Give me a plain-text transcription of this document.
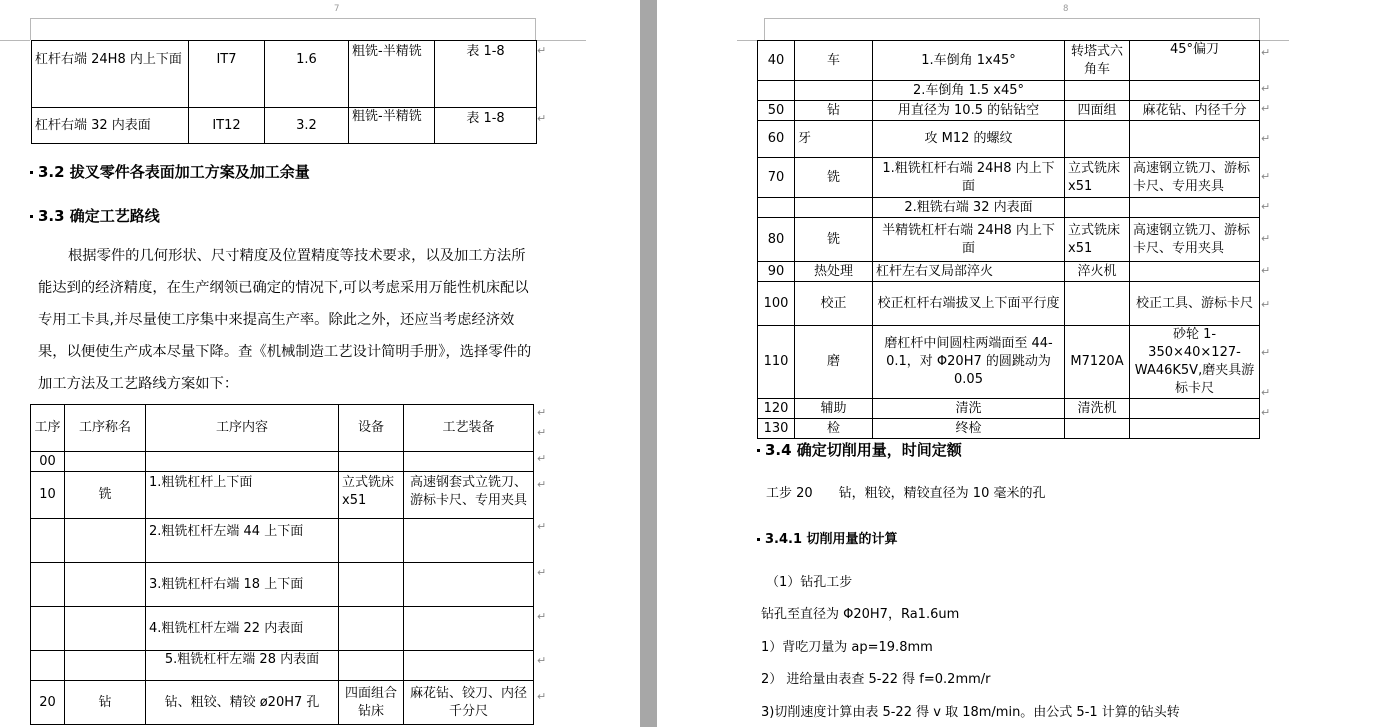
7
杠杆右端 24H8 内上下面	IT7	1.6	粗铣-半精铣	表 1-8
杠杆右端 32 内表面	IT12	3.2	粗铣-半精铣	表 1-8
3.2 拔叉零件各表面加工方案及加工余量
3.3 确定工艺路线
根据零件的几何形状、尺寸精度及位置精度等技术要求，以及加工方法所能达到的经济精度，在生产纲领已确定的情况下,可以考虑采用万能性机床配以专用工卡具,并尽量使工序集中来提高生产率。除此之外，还应当考虑经济效果，以便使生产成本尽量下降。查《机械制造工艺设计简明手册》，选择零件的加工方法及工艺路线方案如下：
工序	工序称名	工序内容	设备	工艺装备
00				
10	铣	1.粗铣杠杆上下面	立式铣床 x51	高速钢套式立铣刀、游标卡尺、专用夹具
		2.粗铣杠杆左端 44 上下面		
		3.粗铣杠杆右端 18 上下面		
		4.粗铣杠杆左端 22 内表面		
		5.粗铣杠杆左端 28 内表面		
20	钻	钻、粗铰、精铰 ø20H7 孔	四面组合钻床	麻花钻、铰刀、内径千分尺
↵
↵
↵
↵
↵
↵
↵
↵
↵
↵
↵
8
40	车	1.车倒角 1x45°	转塔式六角车	45°偏刀
		2.车倒角 1.5 x45°		
50	钻	用直径为 10.5 的钻钻空	四面组	麻花钻、内径千分
60	牙	攻 M12 的螺纹		
70	铣	1.粗铣杠杆右端 24H8 内上下面	立式铣床 x51	高速钢立铣刀、游标卡尺、专用夹具
		2.粗铣右端 32 内表面		
80	铣	半精铣杠杆右端 24H8 内上下面	立式铣床 x51	高速钢立铣刀、游标卡尺、专用夹具
90	热处理	杠杆左右叉局部淬火	淬火机	
100	校正	校正杠杆右端拔叉上下面平行度		校正工具、游标卡尺
110	磨	磨杠杆中间圆柱两端面至 44-0.1，对 Φ20H7 的圆跳动为 0.05	M7120A	砂轮 1-350×40×127-WA46K5V,磨夹具游标卡尺
120	辅助	清洗	清洗机	
130	检	终检		
↵
↵
↵
↵
↵
↵
↵
↵
↵
↵
↵
↵
3.4 确定切削用量，时间定额
工步 20　　钻，粗铰，精铰直径为 10 毫米的孔
3.4.1 切削用量的计算
（1）钻孔工步
钻孔至直径为 Φ20H7，Ra1.6um
1）背吃刀量为 ap=19.8mm
2） 进给量由表查 5-22 得 f=0.2mm/r
3)切削速度计算由表 5-22 得 v 取 18m/min。由公式 5-1 计算的钻头转
